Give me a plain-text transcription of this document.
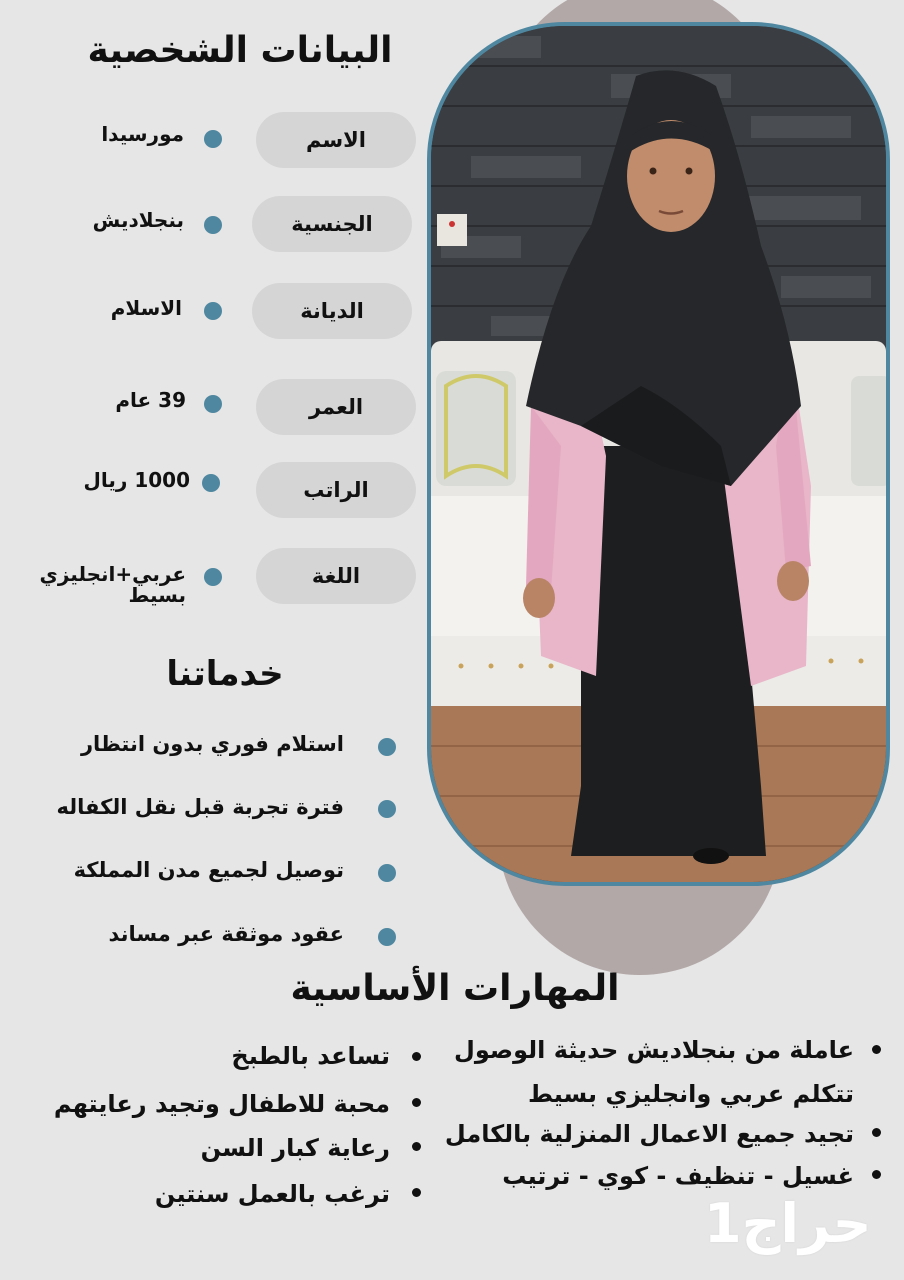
البيانات الشخصية
الاسم
مورسيدا
الجنسية
بنجلاديش
الديانة
الاسلام
العمر
39 عام
الراتب
1000 ريال
اللغة
عربي+انجليزي بسيط
خدماتنا
استلام فوري بدون انتظار
فترة تجربة قبل نقل الكفاله
توصيل لجميع مدن المملكة
عقود موثقة عبر مساند
المهارات الأساسية
عاملة من بنجلاديش حديثة الوصول
تتكلم عربي وانجليزي بسيط
تجيد جميع الاعمال المنزلية بالكامل
غسيل - تنظيف - كوي - ترتيب
تساعد بالطبخ
محبة للاطفال وتجيد رعايتهم
رعاية كبار السن
ترغب بالعمل سنتين	حراج1
